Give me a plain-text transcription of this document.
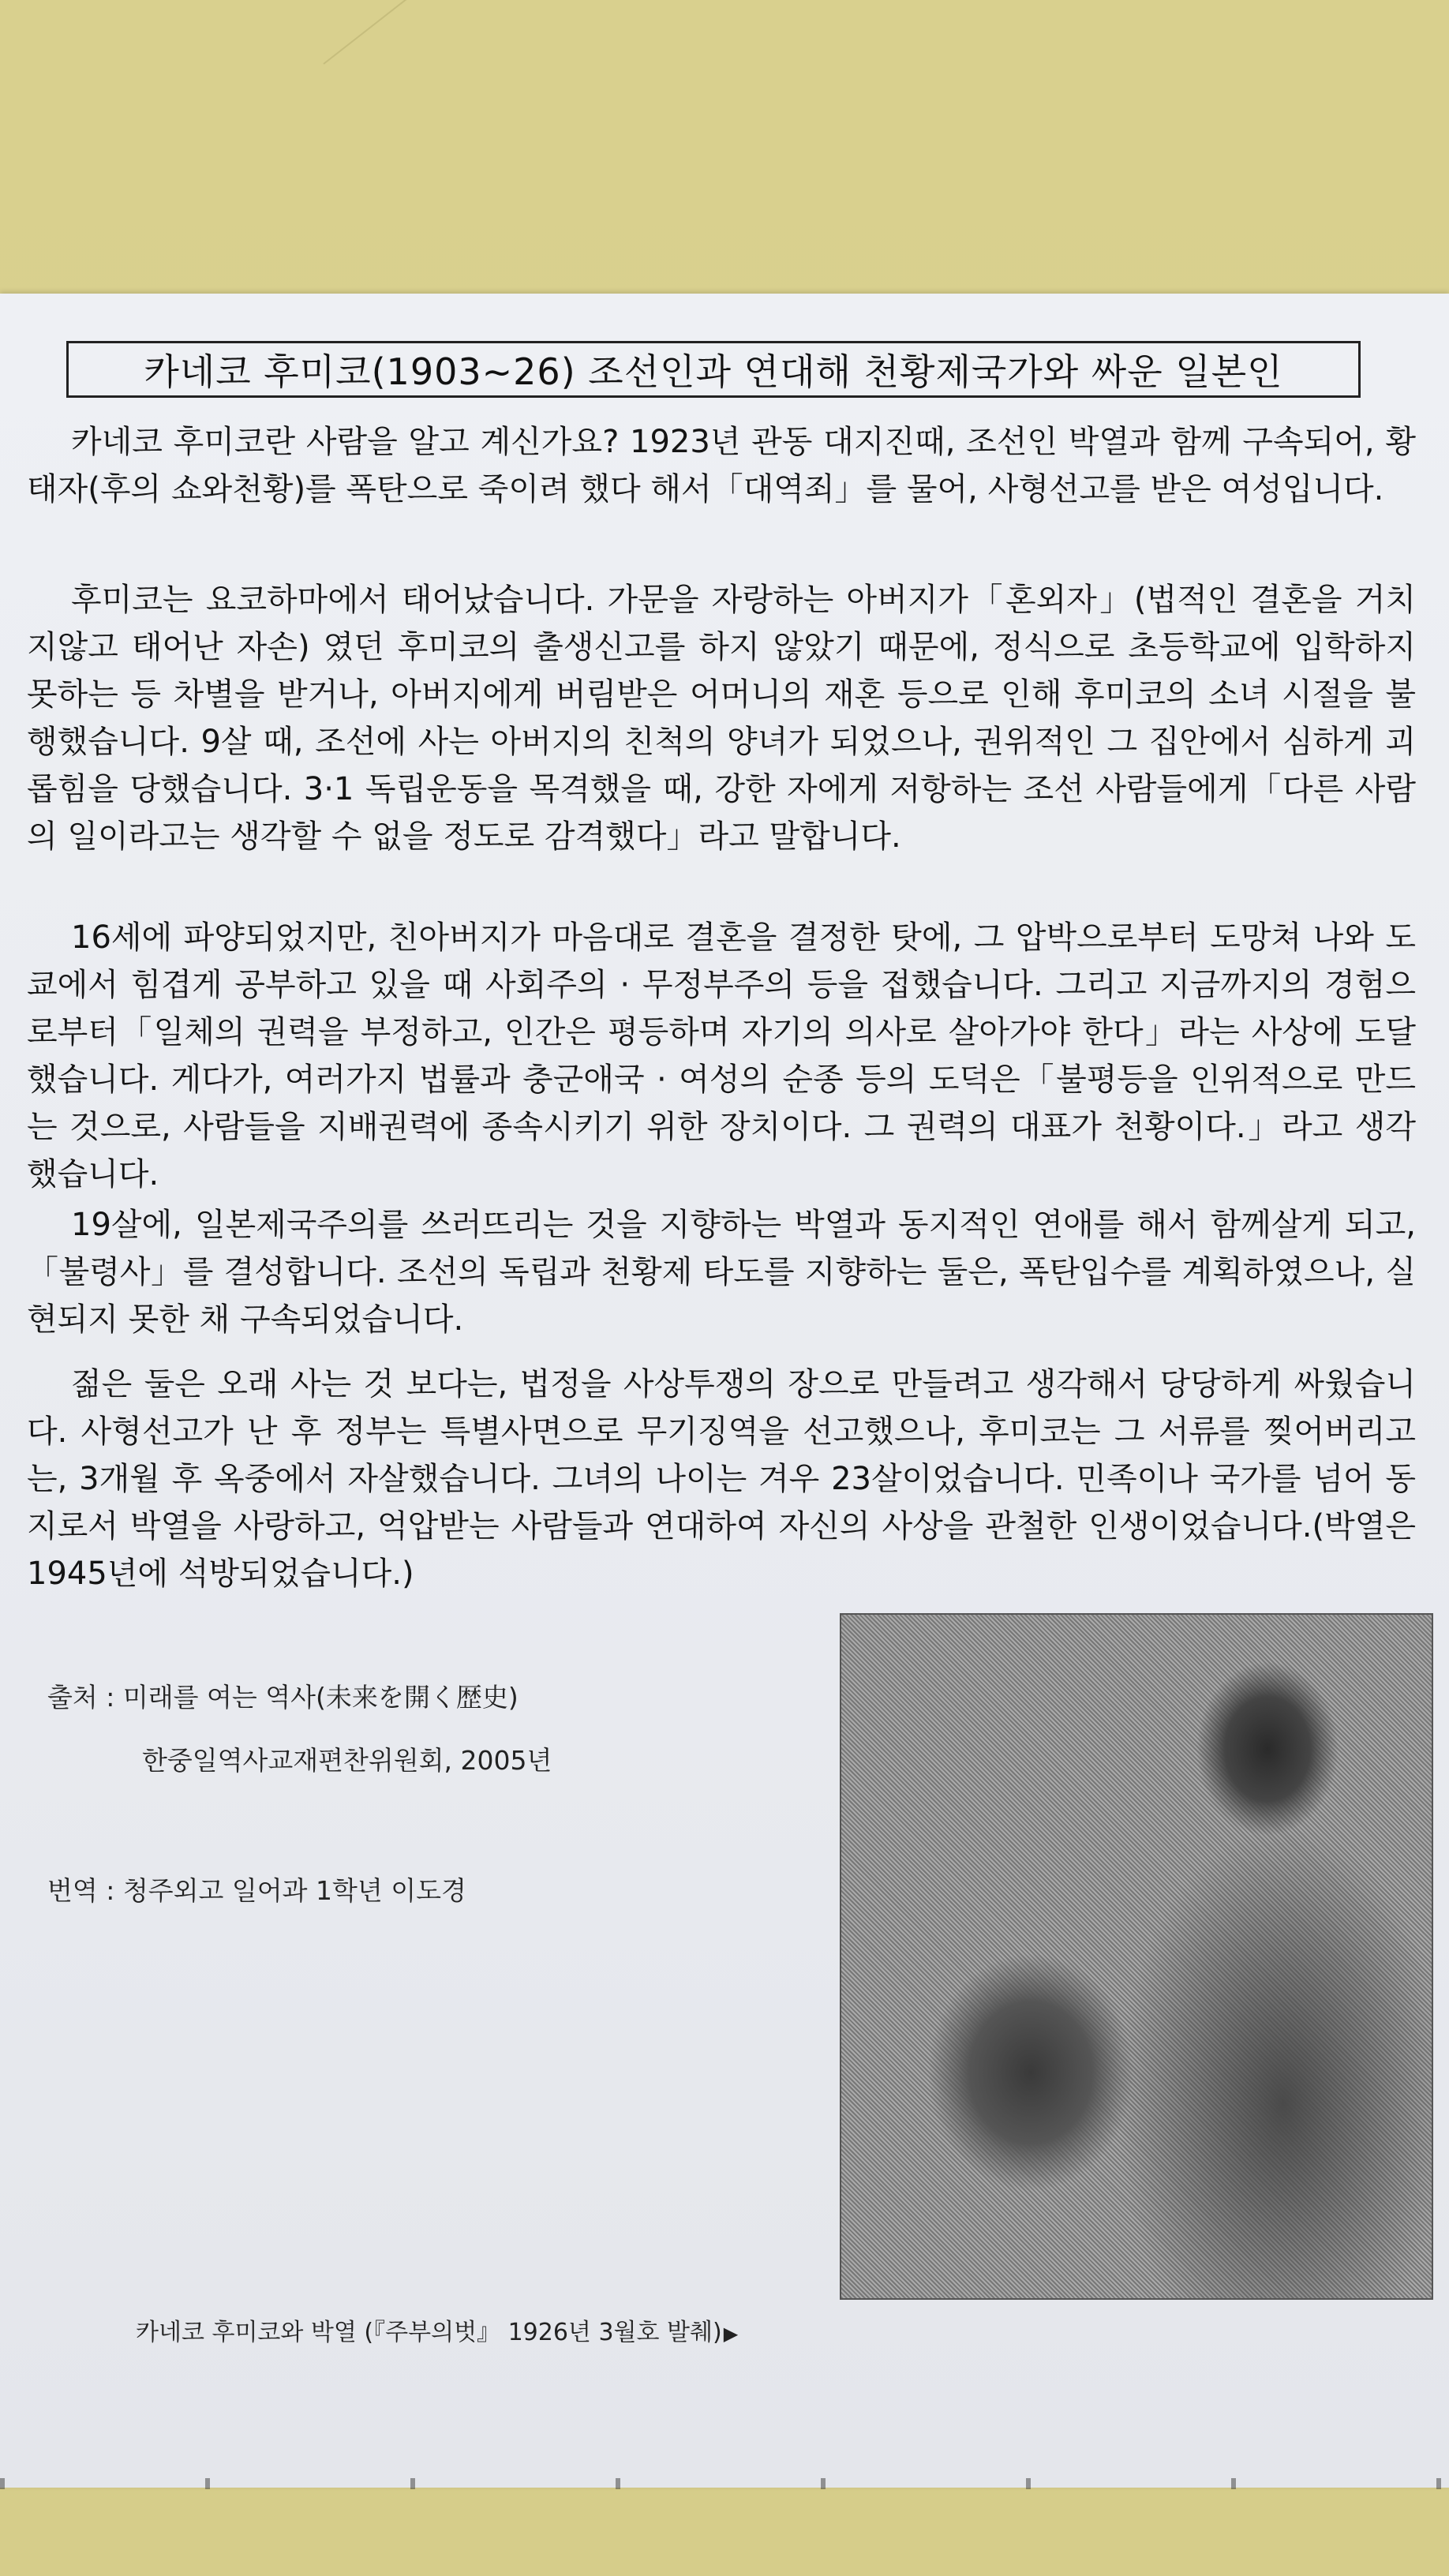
카네코 후미코(1903~26) 조선인과 연대해 천황제국가와 싸운 일본인

카네코 후미코란 사람을 알고 계신가요? 1923년 관동 대지진때, 조선인 박열과 함께 구속되어, 황태자(후의 쇼와천황)를 폭탄으로 죽이려 했다 해서「대역죄」를 물어, 사형선고를 받은 여성입니다.

후미코는 요코하마에서 태어났습니다. 가문을 자랑하는 아버지가「혼외자」(법적인 결혼을 거치지않고 태어난 자손) 였던 후미코의 출생신고를 하지 않았기 때문에, 정식으로 초등학교에 입학하지 못하는 등 차별을 받거나, 아버지에게 버림받은 어머니의 재혼 등으로 인해 후미코의 소녀 시절을 불행했습니다. 9살 때, 조선에 사는 아버지의 친척의 양녀가 되었으나, 권위적인 그 집안에서 심하게 괴롭힘을 당했습니다. 3·1 독립운동을 목격했을 때, 강한 자에게 저항하는 조선 사람들에게「다른 사람의 일이라고는 생각할 수 없을 정도로 감격했다」라고 말합니다.

16세에 파양되었지만, 친아버지가 마음대로 결혼을 결정한 탓에, 그 압박으로부터 도망쳐 나와 도쿄에서 힘겹게 공부하고 있을 때 사회주의 · 무정부주의 등을 접했습니다. 그리고 지금까지의 경험으로부터「일체의 권력을 부정하고, 인간은 평등하며 자기의 의사로 살아가야 한다」라는 사상에 도달했습니다. 게다가, 여러가지 법률과 충군애국 · 여성의 순종 등의 도덕은「불평등을 인위적으로 만드는 것으로, 사람들을 지배권력에 종속시키기 위한 장치이다. 그 권력의 대표가 천황이다.」라고 생각했습니다.

19살에, 일본제국주의를 쓰러뜨리는 것을 지향하는 박열과 동지적인 연애를 해서 함께살게 되고,「불령사」를 결성합니다. 조선의 독립과 천황제 타도를 지향하는 둘은, 폭탄입수를 계획하였으나, 실현되지 못한 채 구속되었습니다.

젊은 둘은 오래 사는 것 보다는, 법정을 사상투쟁의 장으로 만들려고 생각해서 당당하게 싸웠습니다. 사형선고가 난 후 정부는 특별사면으로 무기징역을 선고했으나, 후미코는 그 서류를 찢어버리고는, 3개월 후 옥중에서 자살했습니다. 그녀의 나이는 겨우 23살이었습니다. 민족이나 국가를 넘어 동지로서 박열을 사랑하고, 억압받는 사람들과 연대하여 자신의 사상을 관철한 인생이었습니다.(박열은 1945년에 석방되었습니다.)

출처 : 미래를 여는 역사(未来を開く歴史)
한중일역사교재편찬위원회, 2005년
번역 : 청주외고 일어과 1학년 이도경
카네코 후미코와 박열 (『주부의벗』 1926년 3월호 발췌)▶
